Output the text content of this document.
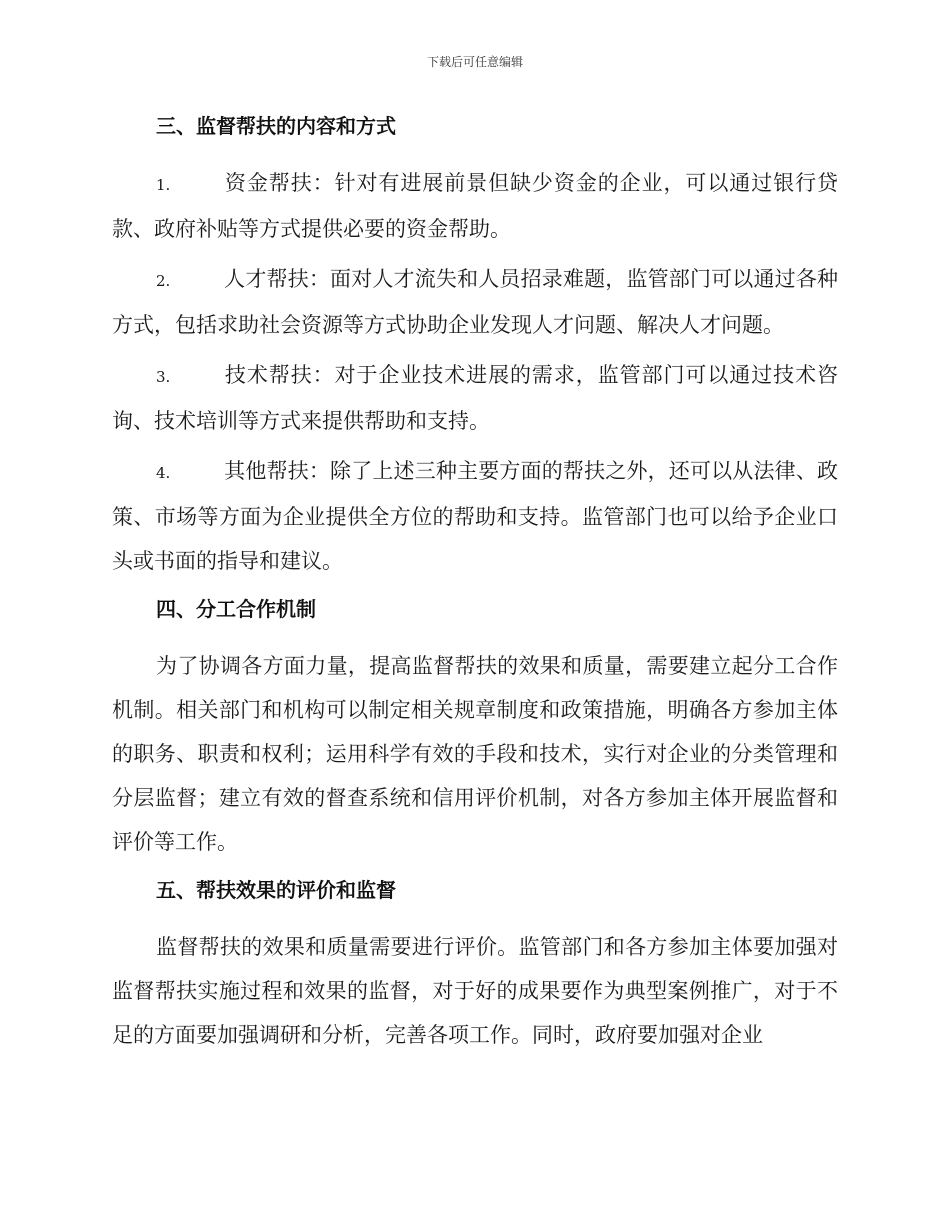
下载后可任意编辑
三、监督帮扶的内容和方式

1.	资金帮扶：针对有进展前景但缺少资金的企业，可以通过银行贷款、政府补贴等方式提供必要的资金帮助。

2.	人才帮扶：面对人才流失和人员招录难题，监管部门可以通过各种方式，包括求助社会资源等方式协助企业发现人才问题、解决人才问题。

3.	技术帮扶：对于企业技术进展的需求，监管部门可以通过技术咨询、技术培训等方式来提供帮助和支持。

4.	其他帮扶：除了上述三种主要方面的帮扶之外，还可以从法律、政策、市场等方面为企业提供全方位的帮助和支持。监管部门也可以给予企业口头或书面的指导和建议。

四、分工合作机制

为了协调各方面力量，提高监督帮扶的效果和质量，需要建立起分工合作机制。相关部门和机构可以制定相关规章制度和政策措施，明确各方参加主体的职务、职责和权利；运用科学有效的手段和技术，实行对企业的分类管理和分层监督；建立有效的督查系统和信用评价机制，对各方参加主体开展监督和评价等工作。

五、帮扶效果的评价和监督

监督帮扶的效果和质量需要进行评价。监管部门和各方参加主体要加强对监督帮扶实施过程和效果的监督，对于好的成果要作为典型案例推广，对于不足的方面要加强调研和分析，完善各项工作。同时，政府要加强对企业
